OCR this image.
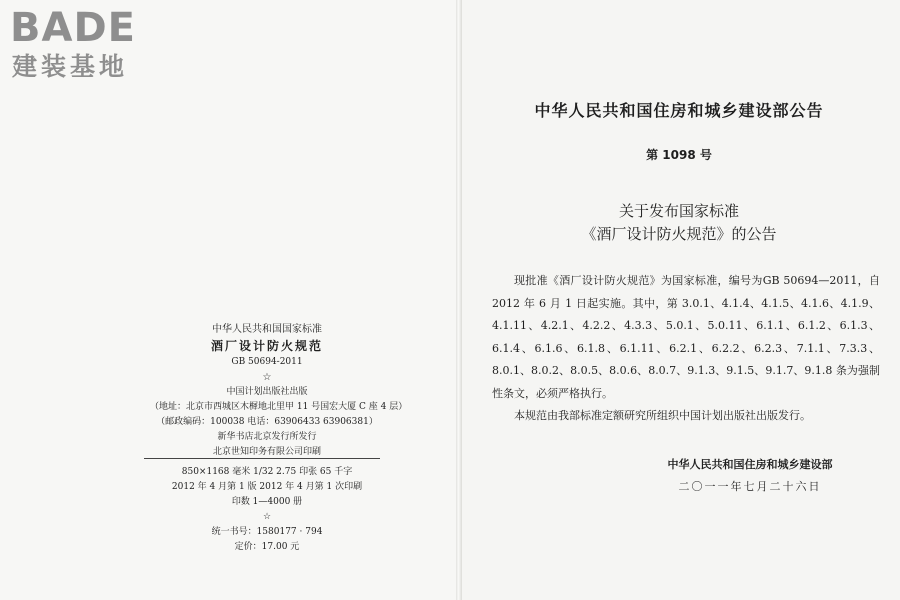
BADE
建装基地
中华人民共和国国家标准
酒厂设计防火规范
GB 50694-2011
☆
中国计划出版社出版
（地址：北京市西城区木樨地北里甲 11 号国宏大厦 C 座 4 层）
（邮政编码：100038 电话：63906433 63906381）
新华书店北京发行所发行
北京世知印务有限公司印刷
850×1168 毫米 1/32 2.75 印张 65 千字
2012 年 4 月第 1 版 2012 年 4 月第 1 次印刷
印数 1—4000 册
☆
统一书号：1580177 · 794
定价：17.00 元
中华人民共和国住房和城乡建设部公告
第 1098 号
关于发布国家标准
《酒厂设计防火规范》的公告

现批准《酒厂设计防火规范》为国家标准，编号为GB 50694—2011，自 2012 年 6 月 1 日起实施。其中，第 3.0.1、4.1.4、4.1.5、4.1.6、4.1.9、4.1.11、4.2.1、4.2.2、4.3.3、5.0.1、5.0.11、6.1.1、6.1.2、6.1.3、6.1.4、6.1.6、6.1.8、6.1.11、6.2.1、6.2.2、6.2.3、7.1.1、7.3.3、8.0.1、8.0.2、8.0.5、8.0.6、8.0.7、9.1.3、9.1.5、9.1.7、9.1.8 条为强制性条文，必须严格执行。

本规范由我部标准定额研究所组织中国计划出版社出版发行。

中华人民共和国住房和城乡建设部
二〇一一年七月二十六日
